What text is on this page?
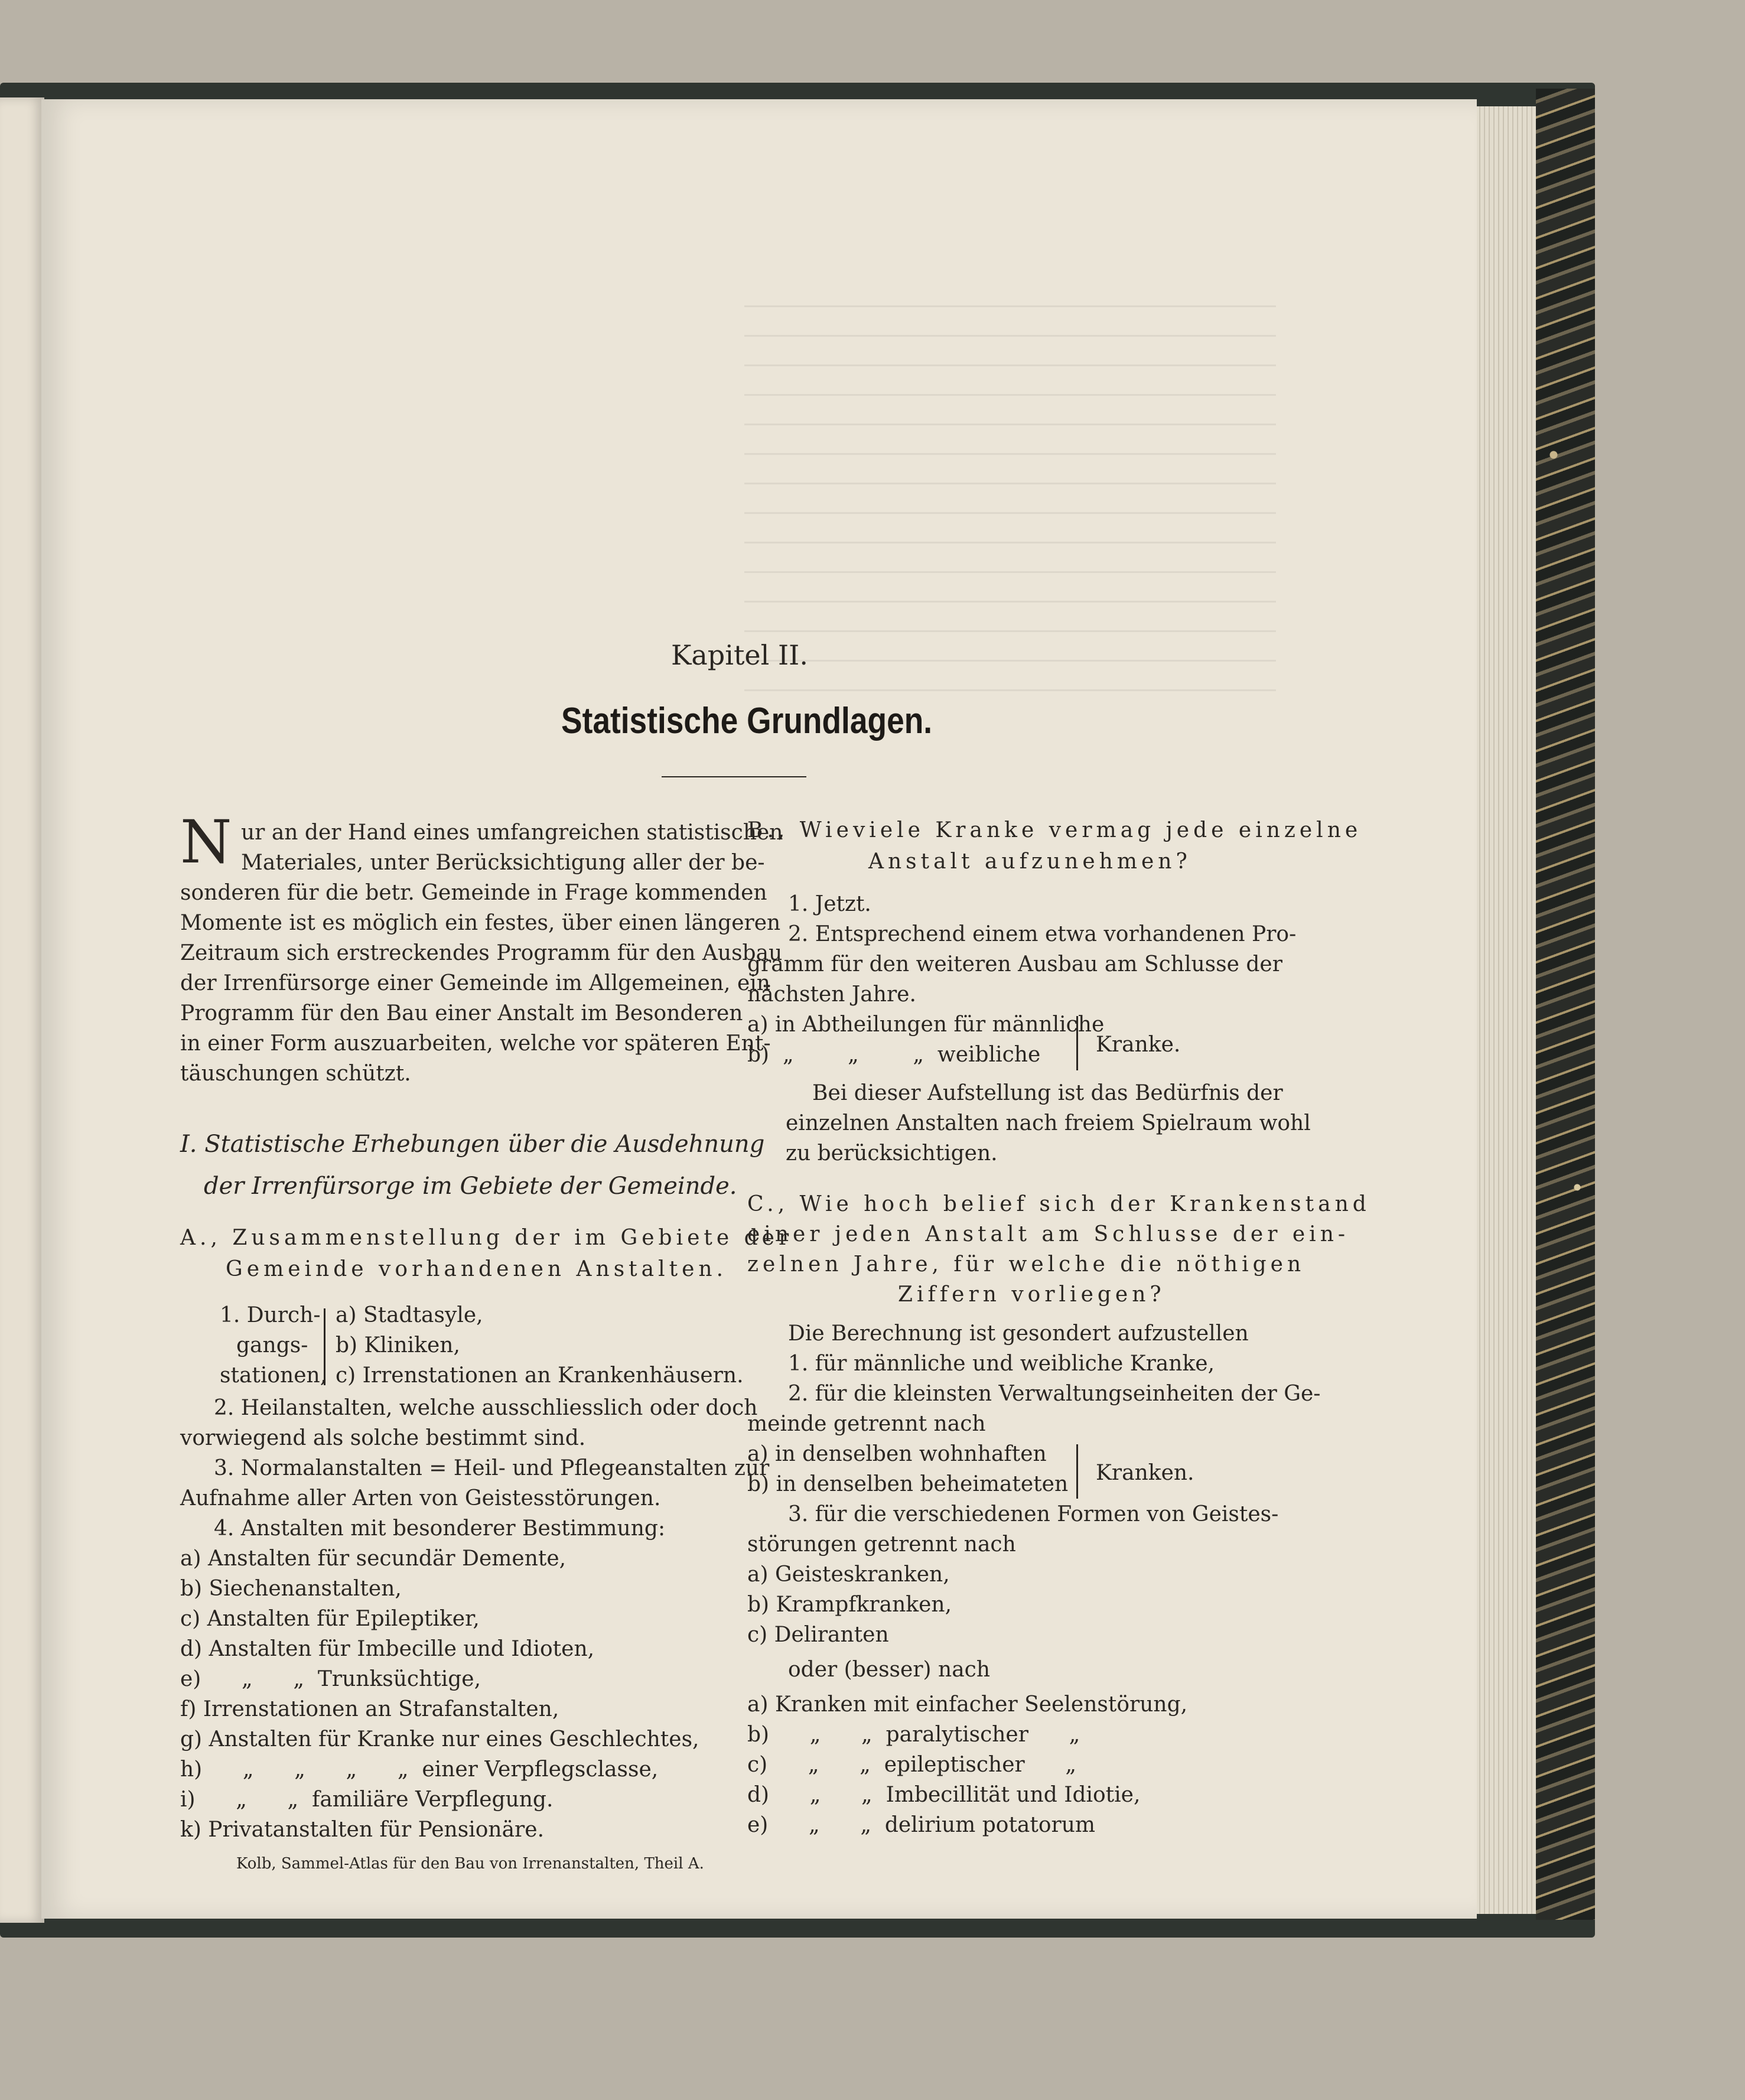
Kapitel II.
Statistische Grundlagen.
N ur an der Hand eines umfangreichen statistischen
Materiales, unter Berücksichtigung aller der be-
sonderen für die betr. Gemeinde in Frage kommenden
Momente ist es möglich ein festes, über einen längeren
Zeitraum sich erstreckendes Programm für den Ausbau
der Irrenfürsorge einer Gemeinde im Allgemeinen, ein
Programm für den Bau einer Anstalt im Besonderen
in einer Form auszuarbeiten, welche vor späteren Ent-
täuschungen schützt.
I. Statistische Erhebungen über die Ausdehnung
der Irrenfürsorge im Gebiete der Gemeinde.
A., Zusammenstellung der im Gebiete der
Gemeinde vorhandenen Anstalten.
1. Durch-
gangs-
stationen,
a) Stadtasyle,
b) Kliniken,
c) Irrenstationen an Krankenhäusern.
2. Heilanstalten, welche ausschliesslich oder doch
vorwiegend als solche bestimmt sind.
3. Normalanstalten = Heil- und Pflegeanstalten zur
Aufnahme aller Arten von Geistesstörungen.
4. Anstalten mit besonderer Bestimmung:
a) Anstalten für secundär Demente,
b) Siechenanstalten,
c) Anstalten für Epileptiker,
d) Anstalten für Imbecille und Idioten,
e)      „      „  Trunksüchtige,
f) Irrenstationen an Strafanstalten,
g) Anstalten für Kranke nur eines Geschlechtes,
h)      „      „      „      „  einer Verpflegsclasse,
i)      „      „  familiäre Verpflegung.
k) Privatanstalten für Pensionäre.
Kolb, Sammel-Atlas für den Bau von Irrenanstalten, Theil A.
B., Wieviele Kranke vermag jede einzelne
Anstalt aufzunehmen?
1. Jetzt.
2. Entsprechend einem etwa vorhandenen Pro-
gramm für den weiteren Ausbau am Schlusse der
nächsten Jahre.
a) in Abtheilungen für männliche
b)  „        „        „  weibliche	Kranke.
Bei dieser Aufstellung ist das Bedürfnis der
einzelnen Anstalten nach freiem Spielraum wohl
zu berücksichtigen.
C., Wie hoch belief sich der Krankenstand
einer jeden Anstalt am Schlusse der ein-
zelnen Jahre, für welche die nöthigen
Ziffern vorliegen?
Die Berechnung ist gesondert aufzustellen
1. für männliche und weibliche Kranke,
2. für die kleinsten Verwaltungseinheiten der Ge-
meinde getrennt nach
a) in denselben wohnhaften
b) in denselben beheimateten Kranken.
3. für die verschiedenen Formen von Geistes-
störungen getrennt nach
a) Geisteskranken,
b) Krampfkranken,
c) Deliranten
oder (besser) nach
a) Kranken mit einfacher Seelenstörung,
b)      „      „  paralytischer      „
c)      „      „  epileptischer      „
d)      „      „  Imbecillität und Idiotie,
e)      „      „  delirium potatorum
